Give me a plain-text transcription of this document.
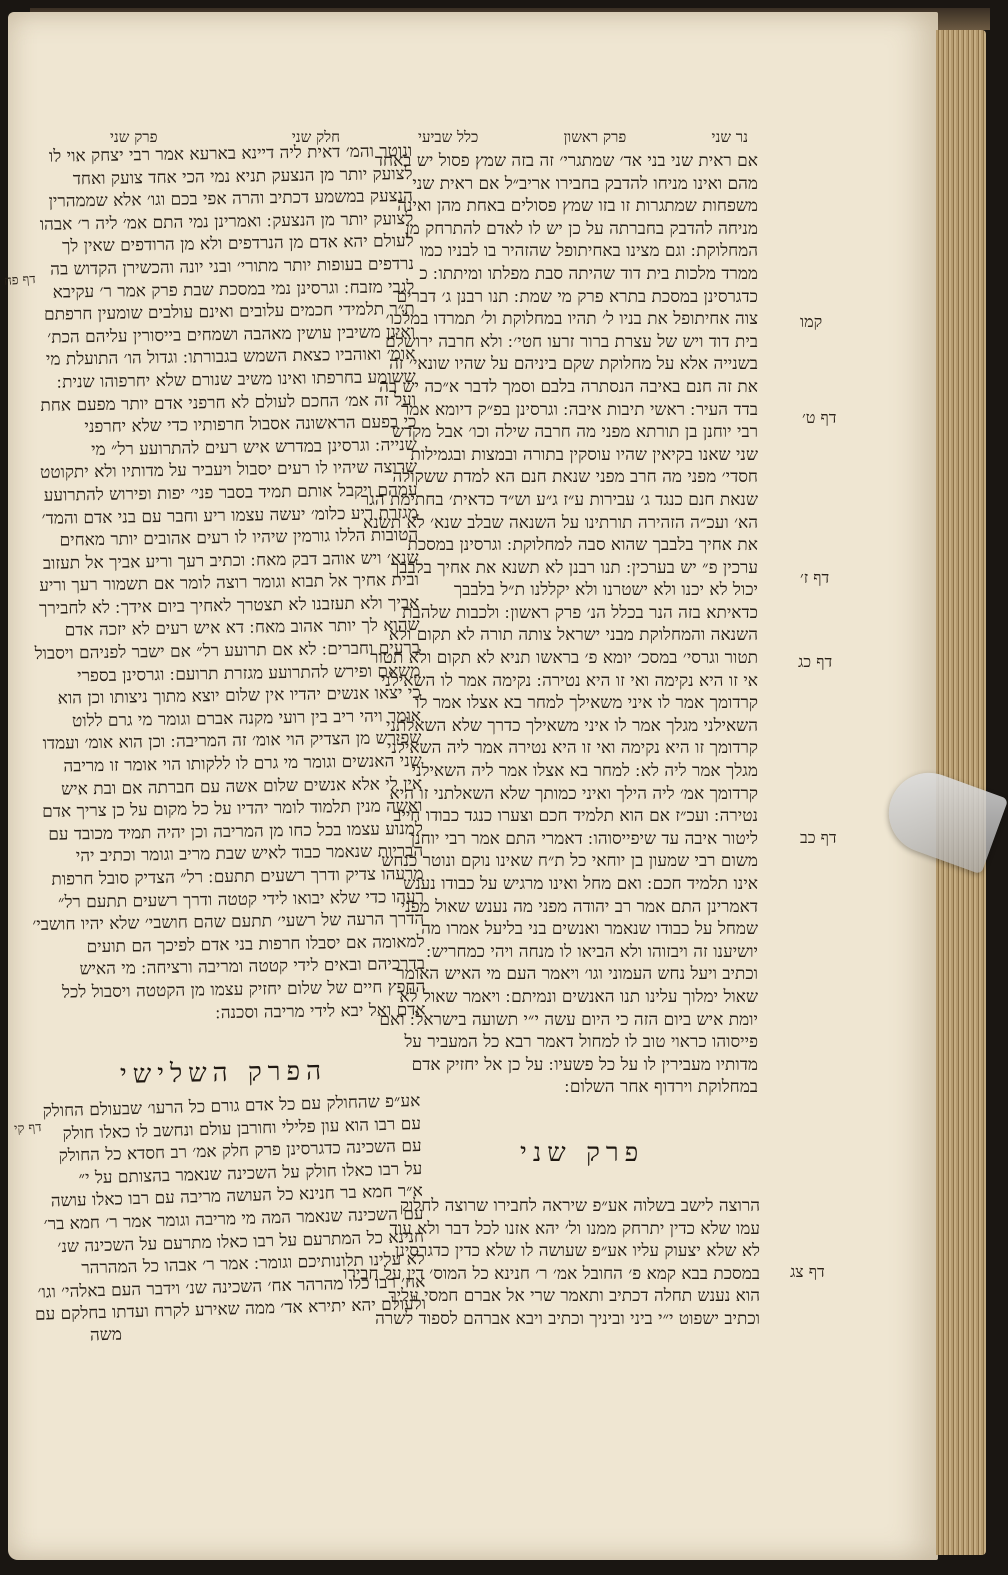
נר שני
פרק ראשון
כלל שביעי
חלק שני
פרק שני

אם ראית שני בני אד׳ שמתגרי׳ זה בזה שמץ פסול יש באחד

מהם ואינו מניחו להדבק בחבירו אריב״ל אם ראית שני

משפחות שמתגרות זו בזו שמץ פסולים באחת מהן ואינה

מניחה להדבק בחברתה על כן יש לו לאדם להתרחק מן

המחלוקת ׃ וגם מצינו באחיתופל שהזהיר בו לבניו כמו

ממרד מלכות בית דוד שהיתה סבת מפלתו ומיתתו ׃ כ

כדגרסינן במסכת בתרא פרק מי שמת ׃ תנו רבנן ג׳ דברים

צוה אחיתופל את בניו ל׳ תהיו במחלוקת ול׳ תמרדו במלכו׳

בית דוד ויש של עצרת ברור זרעו חטי׳ ׃ ולא חרבה ירושלם

בשנייה אלא על מחלוקת שקם ביניהם על שהיו שונאי׳ זה

את זה חנם באיבה הנסתרה בלבם וסמך לדבר א״כה יש בה

בדד העיר ׃ ראשי תיבות איבה ׃ וגרסינן בפ״ק דיומא אמר

רבי יוחנן בן תורתא מפני מה חרבה שילה וכו׳ אבל מקדש

שני שאנו בקיאין שהיו עוסקין בתורה ובמצות ובגמילות

חסדי׳ מפני מה חרב מפני שנאת חנם הא למדת ששקולה

שנאת חנם כנגד ג׳ עבירות ע״ז ג״ע וש״ד כדאית׳ בחתימת הגר

הא׳ ועכ״ה הזהירה תורתינו על השנאה שבלב שנא׳ לא תשנא

את אחיך בלבבך שהוא סבה למחלוקת ׃ וגרסינן במסכת

ערכין פ״ יש בערכין ׃ תנו רבנן לא תשנא את אחיך בלבבך

יכול לא יכנו ולא ישטרנו ולא יקללנו ת״ל בלבבך

כדאיתא בזה הנר בכלל הנ׳ פרק ראשון ׃ ולכבות שלהבת

השנאה והמחלוקת מבני ישראל צותה תורה לא תקום ולא

תטור וגרסי׳ במסכ׳ יומא פ׳ בראשו תניא לא תקום ולא תטור

אי זו היא נקימה ואי זו היא נטירה ׃ נקימה אמר לו השאילני

קרדומך אמר לו איני משאילך למחר בא אצלו אמר לו

השאילני מגלך אמר לו איני משאילך כדרך שלא השאלתני

קרדומך זו היא נקימה ואי זו היא נטירה אמר ליה השאילני

מגלך אמר ליה לא ׃ למחר בא אצלו אמר ליה השאילני

קרדומך אמ׳ ליה הילך ואיני כמותך שלא השאלתני זו היא

נטירה ׃ ועכ״ז אם הוא תלמיד חכם וצערו כנגד כבודו חייב

ליטור איבה עד שיפייסוהו ׃ דאמרי התם אמר רבי יוחנן

משום רבי שמעון בן יוחאי כל ת״ח שאינו נוקם ונוטר כנחש

אינו תלמיד חכם ׃ ואם מחל ואינו מרגיש על כבודו נענש

דאמרינן התם אמר רב יהודה מפני מה נענש שאול מפני

שמחל על כבודו שנאמר ואנשים בני בליעל אמרו מה

יושיענו זה ויבזוהו ולא הביאו לו מנחה ויהי כמחריש ׃

וכתיב ויעל נחש העמוני וגו׳ ויאמר העם מי האיש האומר

שאול ימלוך עלינו תנו האנשים ונמיתם ׃ ויאמר שאול לא

יומת איש ביום הזה כי היום עשה י״י תשועה בישראל ׃ ואם

פייסוהו כראוי טוב לו למחול דאמר רבא כל המעביר על

מדותיו מעבירין לו על כל פשעיו ׃ על כן אל יחזיק אדם

במחלוקת וירדוף אחר השלום ׃

ונוטר והמ׳ דאית ליה דיינא בארעא אמר רבי יצחק אוי לו

לצועק יותר מן הנצעק תניא נמי הכי אחד צועק ואחד

הנצעק במשמע דכתיב והרה אפי בכם וגו׳ אלא שממהרין

לצועק יותר מן הנצעק ׃ ואמרינן נמי התם אמ׳ ליה ר׳ אבהו

לעולם יהא אדם מן הנרדפים ולא מן הרודפים שאין לך

נרדפים בעופות יותר מתורי׳ ובני יונה והכשירן הקדוש בה

לגבי מזבח ׃ וגרסינן נמי במסכת שבת פרק אמר ר׳ עקיבא

ת״ר תלמידי חכמים עלובים ואינם עולבים שומעין חרפתם

ואינן משיבין עושין מאהבה ושמחים בייסורין עליהם הכת׳

אומ׳ ואוהביו כצאת השמש בגבורתו ׃ וגדול הו׳ התועלת מי

ששומע בחרפתו ואינו משיב שנורם שלא יחרפוהו שנית ׃

ועל זה אמ׳ החכם לעולם לא חרפני אדם יותר מפעם אחת

כי בפעם הראשונה אסבול חרפותיו כדי שלא יחרפני

שנייה ׃ וגרסינן במדרש איש רעים להתרועע רל״ מי

שרוצה שיהיו לו רעים יסבול ויעביר על מדותיו ולא יתקוטט

עמהם ויקבל אותם תמיד בסבר פני׳ יפות ופירוש להתרועע

מגזרת ריע כלומ׳ יעשה עצמו ריע וחבר עם בני אדם והמד׳

הטובות הללו גורמין שיהיו לו רעים אהובים יותר מאחים

שנא׳ ויש אוהב דבק מאח ׃ וכתיב רעך וריע אביך אל תעזוב

ובית אחיך אל תבוא וגומר רוצה לומר אם תשמור רעך וריע

אביך ולא תעזבנו לא תצטרך לאחיך ביום אידך ׃ לא לחבירך

שהוא לך יותר אהוב מאח ׃ דא איש רעים לא יזכה אדם

ברעים וחברים ׃ לא אם תרועע רל״ אם ישבר לפניהם ויסבול

משאם ופירש להתרועע מגזרת תרועם ׃ וגרסינן בספרי

כי יצאו אנשים יהדיו אין שלום יוצא מתוך ניצותו וכן הוא

אומר ויהי ריב בין רועי מקנה אברם וגומר מי גרם ללוט

שפירש מן הצדיק הוי אומ׳ זה המריבה ׃ וכן הוא אומ׳ ועמדו

שני האנשים וגומר מי גרם לו ללקותו הוי אומר זו מריבה

אין לי אלא אנשים שלום אשה עם חברתה אם ובת איש

ואשה מנין תלמוד לומר יהדיו על כל מקום על כן צריך אדם

למנוע עצמו בכל כחו מן המריבה וכן יהיה תמיד מכובד עם

הבריות שנאמר כבוד לאיש שבת מריב וגומר וכתיב יהי

מרעהו צדיק ודרך רשעים תתעם ׃ רל״ הצדיק סובל חרפות

רעהו כדי שלא יבואו לידי קטטה ודרך רשעים תתעם רל״

הדרך הרעה של רשעי׳ תתעם שהם חושבי׳ שלא יהיו חושבי׳

למאומה אם יסבלו חרפות בני אדם לפיכך הם תועים

בדרכיהם ובאים לידי קטטה ומריבה ורציחה ׃ מי האיש

החפץ חיים של שלום יחזיק עצמו מן הקטטה ויסבול לכל

אדם ואל יבא לידי מריבה וסכנה ׃

הפרק השלישי
פרק שני

אע״פ שהחולק עם כל אדם גורם כל הרעו׳ שבעולם החולק

עם רבו הוא עון פלילי וחורבן עולם ונחשב לו כאלו חולק

עם השכינה כדגרסינן פרק חלק אמ׳ רב חסדא כל החולק

על רבו כאלו חולק על השכינה שנאמר בהצותם על י״

א״ר חמא בר חנינא כל העושה מריבה עם רבו כאלו עושה

עם השכינה שנאמר המה מי מריבה וגומר אמר ר׳ חמא בר׳

חנינא כל המתרעם על רבו כאלו מתרעם על השכינה שנ׳

לא עלינו תלונותיכם וגומר ׃ אמר ר׳ אבהו כל המהרהר

אח׳ רבו כלו מהרהר אח׳ השכינה שנ׳ וידבר העם באלהי׳ וגו׳

ולעולם יהא יתירא אד׳ ממה שאירע לקרח ועדתו בחלקם עם

הרוצה לישב בשלוה אע״פ שיראה לחבירו שרוצה לחלוק

עמו שלא כדין יתרחק ממנו ול׳ יהא אזנו לכל דבר ולא עוד

לא שלא יצעוק עליו אע״פ שעושה לו שלא כדין כדגרסינן

במסכת בבא קמא פ׳ החובל אמ׳ ר׳ חנינא כל המוס׳ דין על חבירו

הוא נענש תחלה דכתיב ותאמר שרי אל אברם חמסי עליך

וכתיב ישפוט י״י ביני וביניך וכתיב ויבא אברהם לספוד לשרה

משה
קמו
דף ט׳
דף ז׳
דף כג
דף כב
דף צג
דף פח
דף קי
